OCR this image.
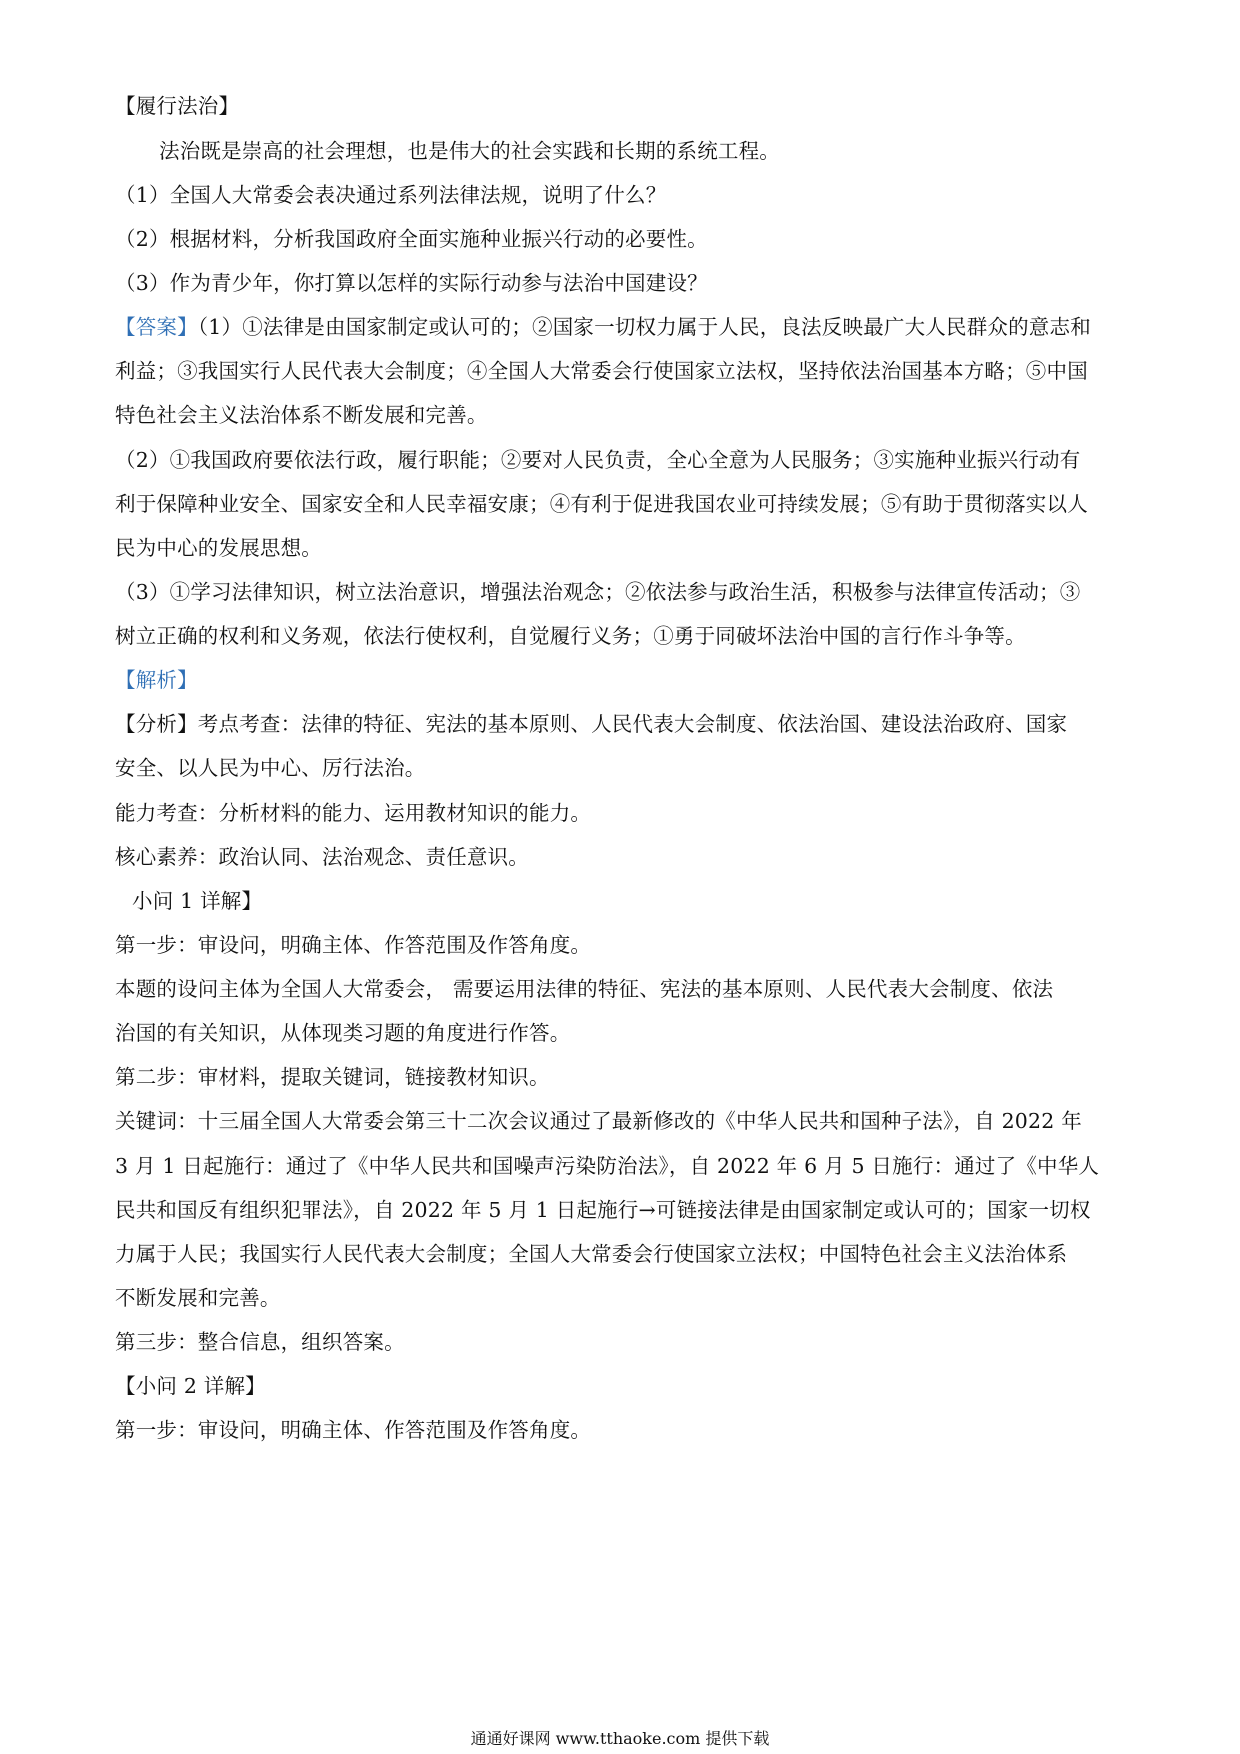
【履行法治】
法治既是崇高的社会理想，也是伟大的社会实践和长期的系统工程。
（1）全国人大常委会表决通过系列法律法规，说明了什么？
（2）根据材料，分析我国政府全面实施种业振兴行动的必要性。
（3）作为青少年，你打算以怎样的实际行动参与法治中国建设？
【答案】（1）①法律是由国家制定或认可的；②国家一切权力属于人民，良法反映最广大人民群众的意志和
利益；③我国实行人民代表大会制度；④全国人大常委会行使国家立法权，坚持依法治国基本方略；⑤中国
特色社会主义法治体系不断发展和完善。
（2）①我国政府要依法行政，履行职能；②要对人民负责，全心全意为人民服务；③实施种业振兴行动有
利于保障种业安全、国家安全和人民幸福安康；④有利于促进我国农业可持续发展；⑤有助于贯彻落实以人
民为中心的发展思想。
（3）①学习法律知识，树立法治意识，增强法治观念；②依法参与政治生活，积极参与法律宣传活动；③
树立正确的权利和义务观，依法行使权利，自觉履行义务；①勇于同破坏法治中国的言行作斗争等。
【解析】
【分析】考点考查：法律的特征、宪法的基本原则、人民代表大会制度、依法治国、建设法治政府、国家
安全、以人民为中心、厉行法治。
能力考查：分析材料的能力、运用教材知识的能力。
核心素养：政治认同、法治观念、责任意识。
小问 1 详解】
第一步：审设问，明确主体、作答范围及作答角度。
本题的设问主体为全国人大常委会， 需要运用法律的特征、宪法的基本原则、人民代表大会制度、依法
治国的有关知识，从体现类习题的角度进行作答。
第二步：审材料，提取关键词，链接教材知识。
关键词：十三届全国人大常委会第三十二次会议通过了最新修改的《中华人民共和国种子法》，自 2022 年
3 月 1 日起施行：通过了《中华人民共和国噪声污染防治法》，自 2022 年 6 月 5 日施行：通过了《中华人
民共和国反有组织犯罪法》，自 2022 年 5 月 1 日起施行→可链接法律是由国家制定或认可的；国家一切权
力属于人民；我国实行人民代表大会制度；全国人大常委会行使国家立法权；中国特色社会主义法治体系
不断发展和完善。
第三步：整合信息，组织答案。
【小问 2 详解】
第一步：审设问，明确主体、作答范围及作答角度。
通通好课网 www.tthaoke.com 提供下载
